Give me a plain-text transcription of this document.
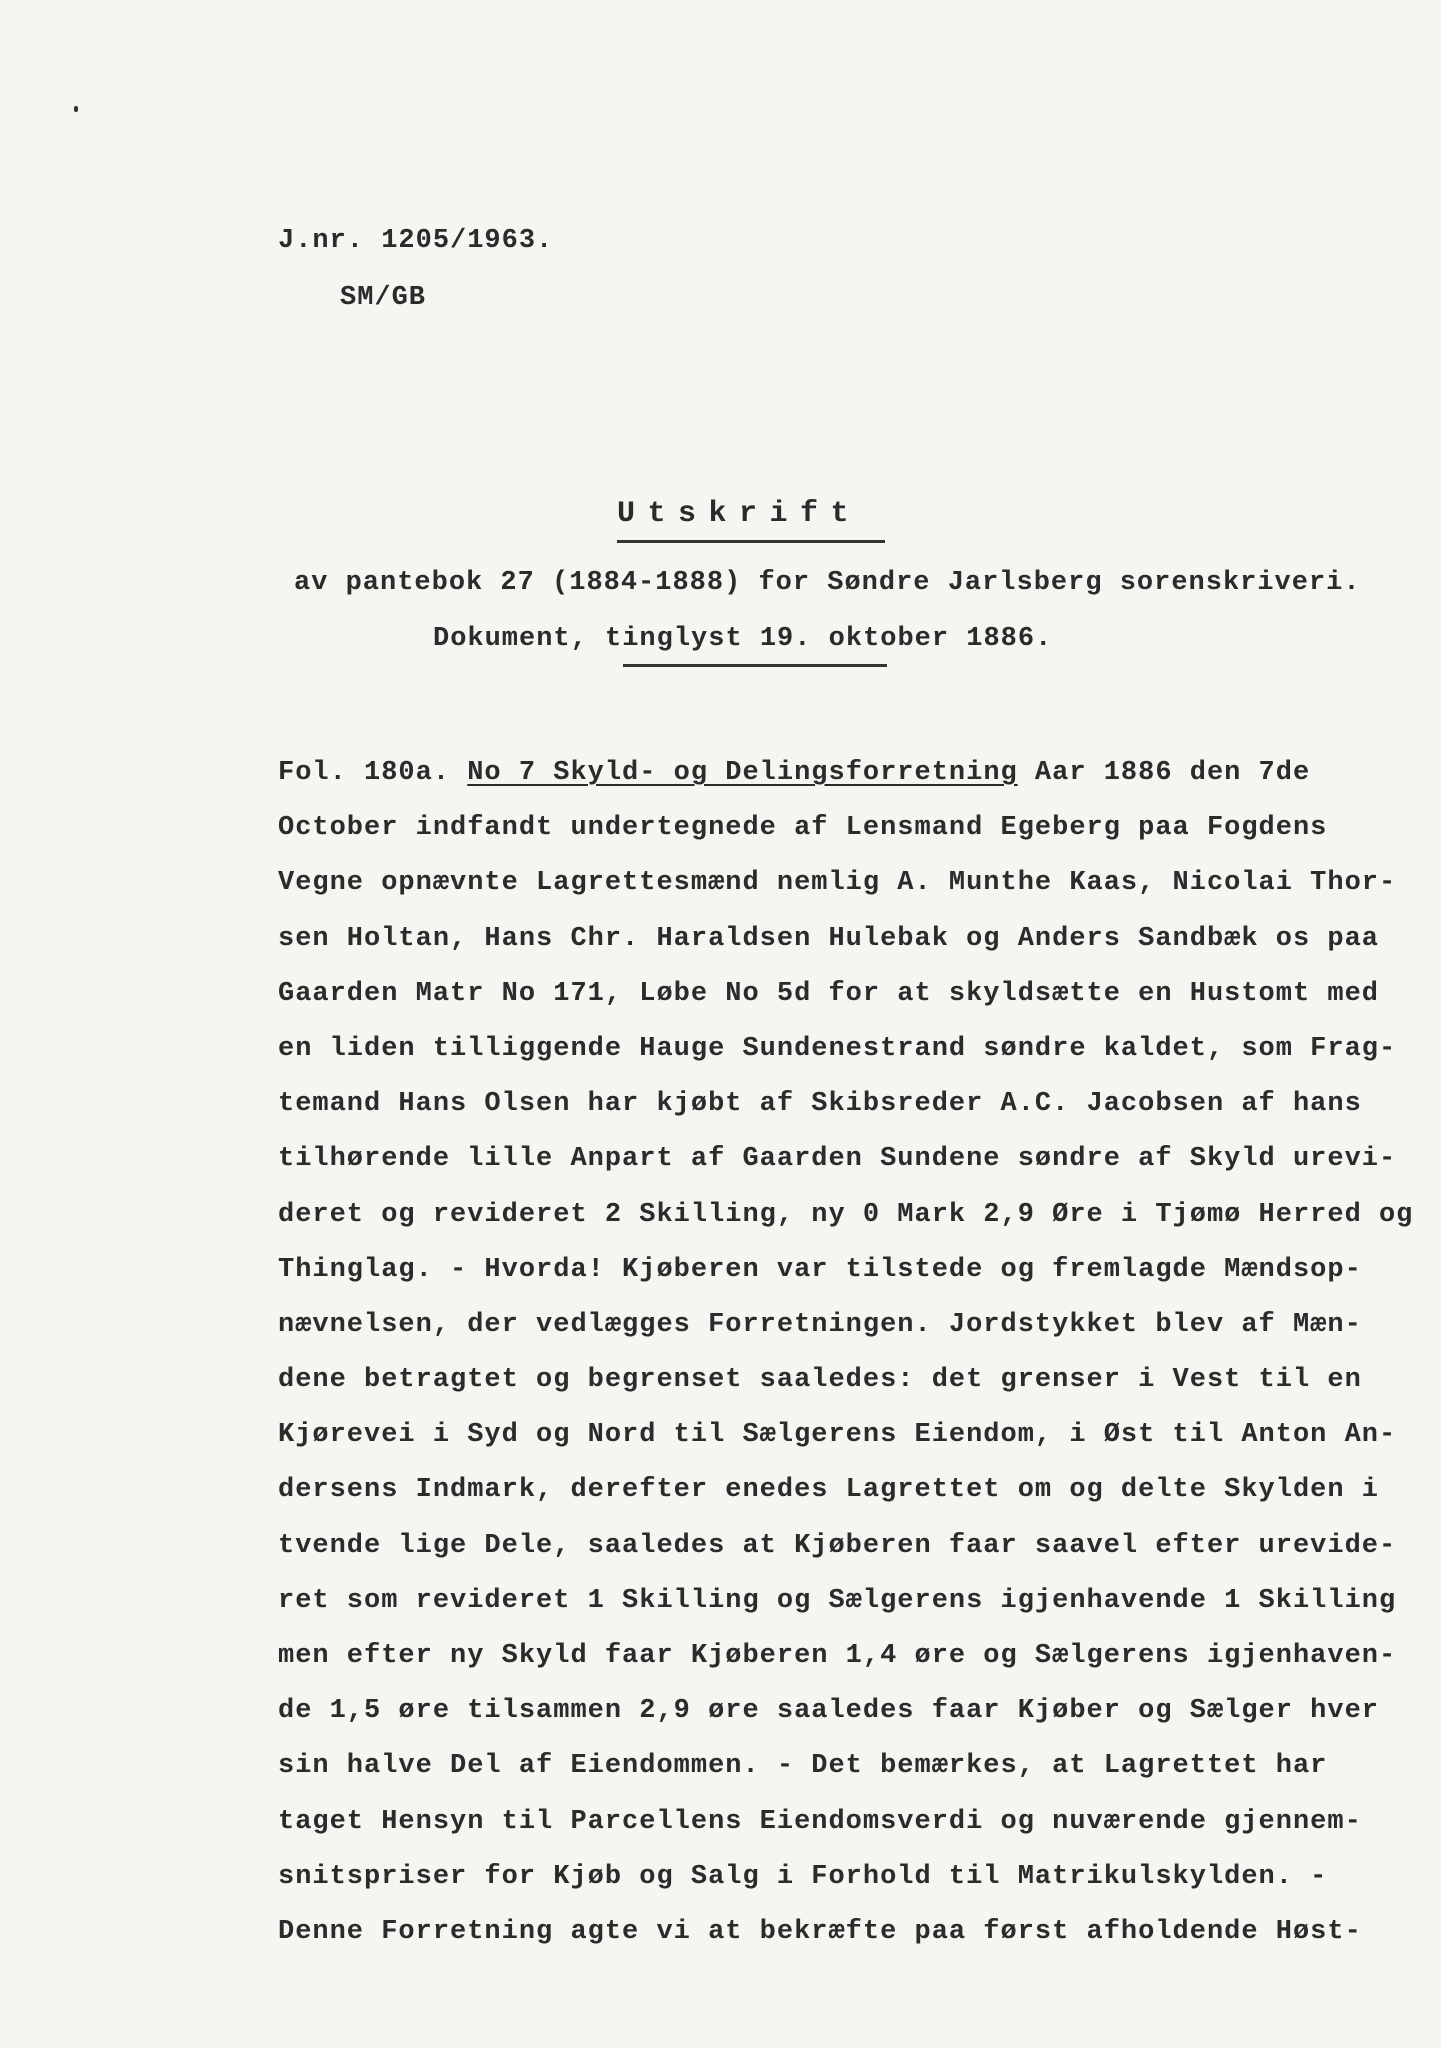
J.nr. 1205/1963.
SM/GB
Utskrift
av pantebok 27 (1884-1888) for Søndre Jarlsberg sorenskriveri.
Dokument, tinglyst 19. oktober 1886.
Fol. 180a. No 7 Skyld- og Delingsforretning Aar 1886 den 7de
October indfandt undertegnede af Lensmand Egeberg paa Fogdens
Vegne opnævnte Lagrettesmænd nemlig A. Munthe Kaas, Nicolai Thor-
sen Holtan, Hans Chr. Haraldsen Hulebak og Anders Sandbæk os paa
Gaarden Matr No 171, Løbe No 5d for at skyldsætte en Hustomt med
en liden tilliggende Hauge Sundenestrand søndre kaldet, som Frag-
temand Hans Olsen har kjøbt af Skibsreder A.C. Jacobsen af hans
tilhørende lille Anpart af Gaarden Sundene søndre af Skyld urevi-
deret og revideret 2 Skilling, ny 0 Mark 2,9 Øre i Tjømø Herred og
Thinglag. - Hvorda! Kjøberen var tilstede og fremlagde Mændsop-
nævnelsen, der vedlægges Forretningen. Jordstykket blev af Mæn-
dene betragtet og begrenset saaledes: det grenser i Vest til en
Kjørevei i Syd og Nord til Sælgerens Eiendom, i Øst til Anton An-
dersens Indmark, derefter enedes Lagrettet om og delte Skylden i
tvende lige Dele, saaledes at Kjøberen faar saavel efter urevide-
ret som revideret 1 Skilling og Sælgerens igjenhavende 1 Skilling
men efter ny Skyld faar Kjøberen 1,4 øre og Sælgerens igjenhaven-
de 1,5 øre tilsammen 2,9 øre saaledes faar Kjøber og Sælger hver
sin halve Del af Eiendommen. - Det bemærkes, at Lagrettet har
taget Hensyn til Parcellens Eiendomsverdi og nuværende gjennem-
snitspriser for Kjøb og Salg i Forhold til Matrikulskylden. -
Denne Forretning agte vi at bekræfte paa først afholdende Høst-
